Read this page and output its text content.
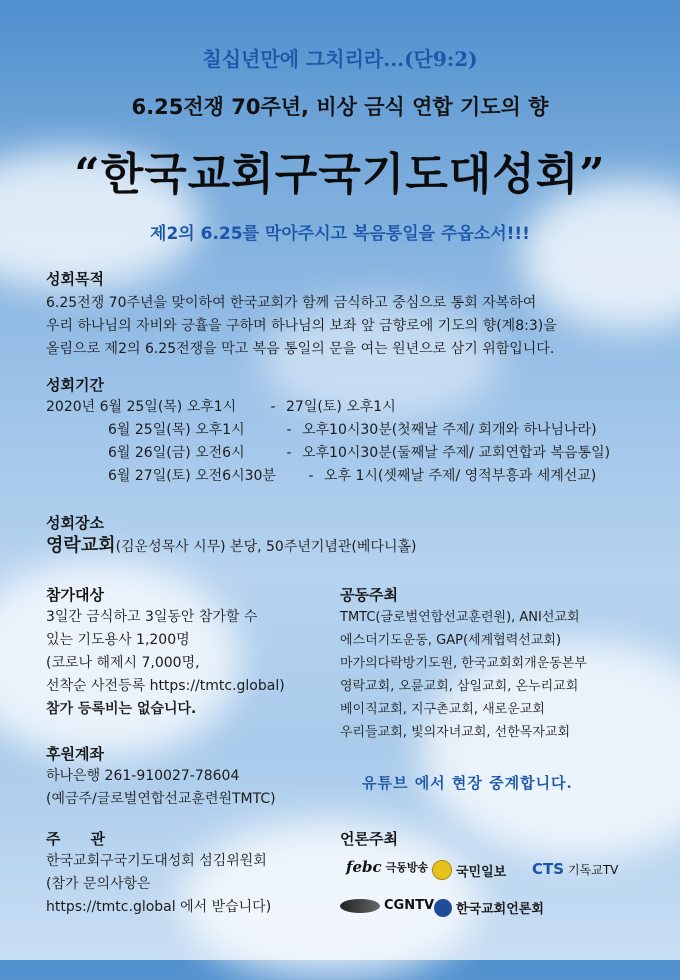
칠십년만에 그치리라...(단9:2)
6.25전쟁 70주년, 비상 금식 연합 기도의 향
“한국교회구국기도대성회”
제2의 6.25를 막아주시고 복음통일을 주옵소서!!!
성회목적
6.25전쟁 70주년을 맞이하여 한국교회가 함께 금식하고 중심으로 통회 자복하여
우리 하나님의 자비와 긍휼을 구하며 하나님의 보좌 앞 금향로에 기도의 향(계8:3)을
올림으로 제2의 6.25전쟁을 막고 복음 통일의 문을 여는 원년으로 삼기 위함입니다.
성회기간
2020년 6월 25일(목) 오후1시	- 27일(토) 오후1시
6월 25일(목) 오후1시	- 오후10시30분(첫째날 주제/ 회개와 하나님나라)
6월 26일(금) 오전6시	- 오후10시30분(둘째날 주제/ 교회연합과 복음통일)
6월 27일(토) 오전6시30분	- 오후 1시(셋째날 주제/ 영적부흥과 세계선교)
성회장소
영락교회(김운성목사 시무) 본당, 50주년기념관(베다니홀)
참가대상
3일간 금식하고 3일동안 참가할 수
있는 기도용사 1,200명
(코로나 해제시 7,000명,
선착순 사전등록 https://tmtc.global)
참가 등록비는 없습니다.
후원계좌
하나은행 261-910027-78604
(예금주/글로벌연합선교훈련원TMTC)
주　　관
한국교회구국기도대성회 섬김위원회
(참가 문의사항은
https://tmtc.global 에서 받습니다)
공동주최
TMTC(글로벌연합선교훈련원), ANI선교회
에스더기도운동, GAP(세계협력선교회)
마가의다락방기도원, 한국교회회개운동본부
영락교회, 오륜교회, 삼일교회, 온누리교회
베이직교회, 지구촌교회, 새로운교회
우리들교회, 빛의자녀교회, 선한목자교회
유튜브 에서 현장 중계합니다.
언론주최
febc 극동방송 국민일보 CTS 기독교TV
CGNTV 한국교회언론회
